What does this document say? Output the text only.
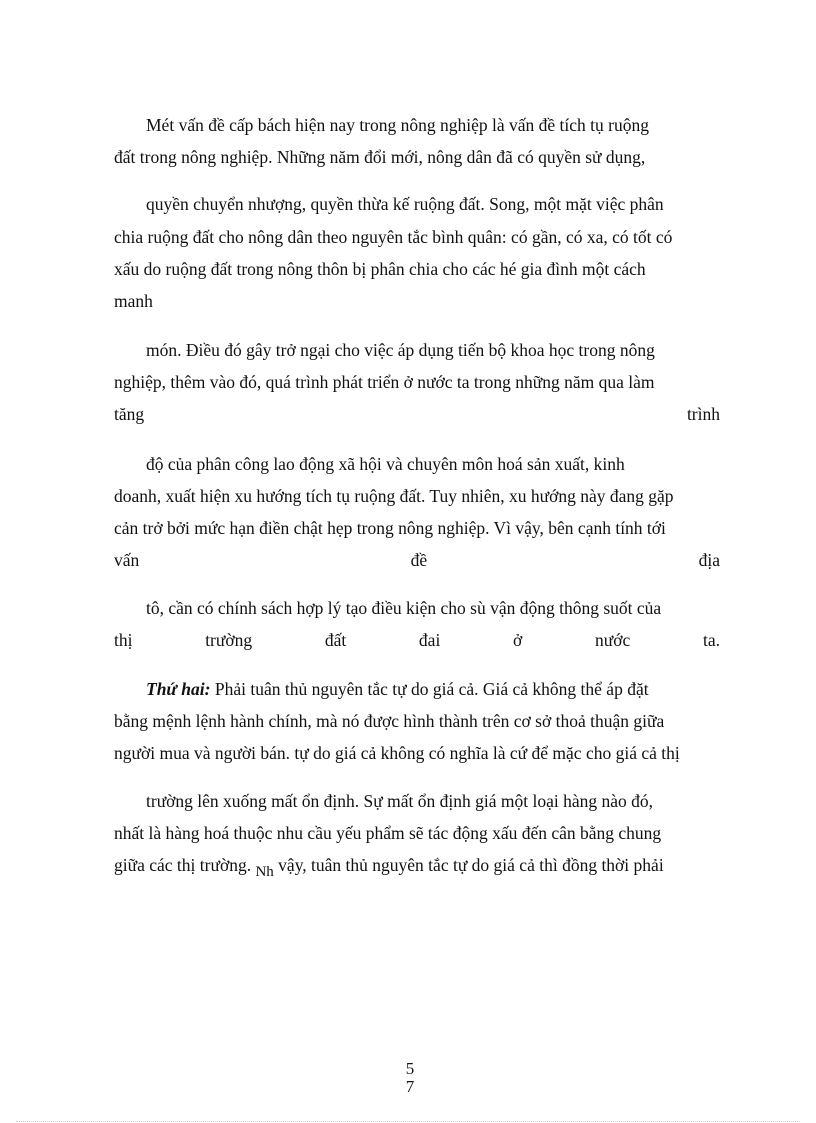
Mét vấn đề cấp bách hiện nay trong nông nghiệp là vấn đề tích tụ ruộng
đất trong nông nghiệp. Những năm đổi mới, nông dân đã có quyền sử dụng,
quyền chuyển nhượng, quyền thừa kế ruộng đất. Song, một mặt việc phân
chia ruộng đất cho nông dân theo nguyên tắc bình quân: có gần, có xa, có tốt có
xấu do ruộng đất trong nông thôn bị phân chia cho các hé gia đình một cách
manh
món. Điều đó gây trở ngại cho việc áp dụng tiến bộ khoa học trong nông
nghiệp, thêm vào đó, quá trình phát triển ở nước ta trong những năm qua làm
tăng	trình
độ của phân công lao động xã hội và chuyên môn hoá sản xuất, kinh
doanh, xuất hiện xu hướng tích tụ ruộng đất. Tuy nhiên, xu hướng này đang gặp
cản trở bởi mức hạn điền chật hẹp trong nông nghiệp. Vì vậy, bên cạnh tính tới
vấn	đề	địa
tô, cần có chính sách hợp lý tạo điều kiện cho sù vận động thông suốt của
thị	trường	đất	đai	ở	nước	ta.
Thứ hai: Phải tuân thủ nguyên tắc tự do giá cả. Giá cả không thể áp đặt
bằng mệnh lệnh hành chính, mà nó được hình thành trên cơ sở thoả thuận giữa
người mua và người bán. tự do giá cả không có nghĩa là cứ để mặc cho giá cả thị
trường lên xuống mất ổn định. Sự mất ổn định giá một loại hàng nào đó,
nhất là hàng hoá thuộc nhu cầu yếu phẩm sẽ tác động xấu đến cân bằng chung
giữa các thị trường. Nh vậy, tuân thủ nguyên tắc tự do giá cả thì đồng thời phải
5
7
